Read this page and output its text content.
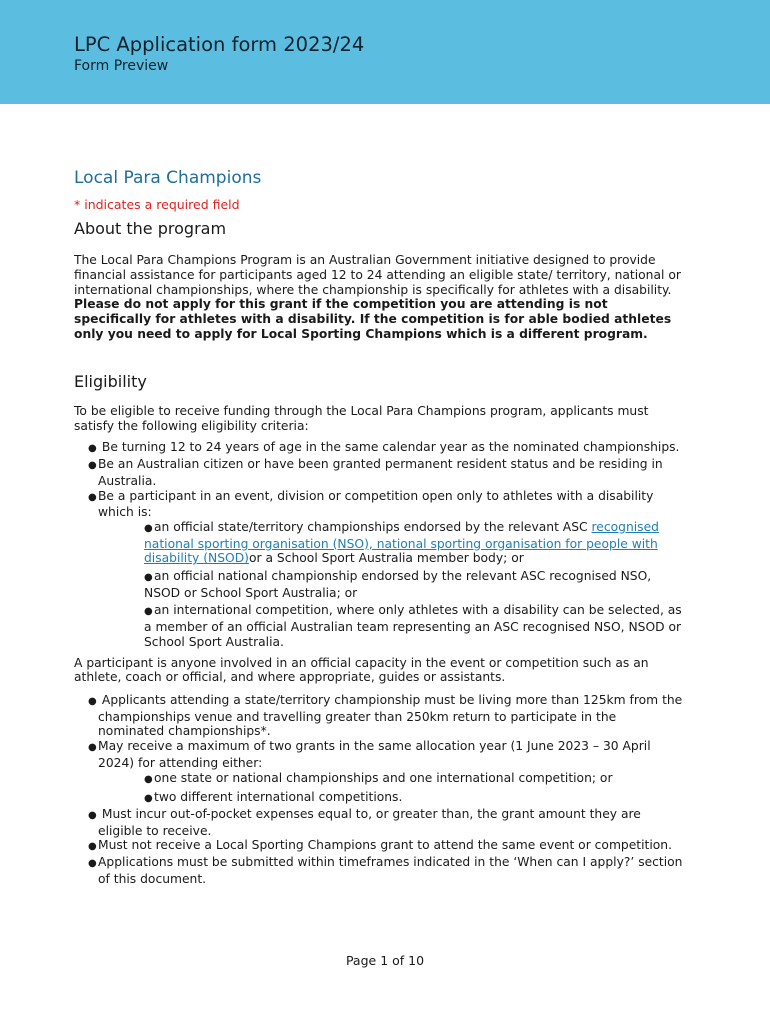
LPC Application form 2023/24
Form Preview
Local Para Champions
* indicates a required field
About the program

The Local Para Champions Program is an Australian Government initiative designed to provide financial assistance for participants aged 12 to 24 attending an eligible state/ territory, national or international championships, where the championship is specifically for athletes with a disability. Please do not apply for this grant if the competition you are attending is not specifically for athletes with a disability. If the competition is for able bodied athletes only you need to apply for Local Sporting Champions which is a different program.

Eligibility

To be eligible to receive funding through the Local Para Champions program, applicants must satisfy the following eligibility criteria:

● Be turning 12 to 24 years of age in the same calendar year as the nominated championships.
●Be an Australian citizen or have been granted permanent resident status and be residing in Australia.
●Be a participant in an event, division or competition open only to athletes with a disability which is:
●an official state/territory championships endorsed by the relevant ASC recognised national sporting organisation (NSO), national sporting organisation for people with disability (NSOD)or a School Sport Australia member body; or
●an official national championship endorsed by the relevant ASC recognised NSO, NSOD or School Sport Australia; or
●an international competition, where only athletes with a disability can be selected, as a member of an official Australian team representing an ASC recognised NSO, NSOD or School Sport Australia.

A participant is anyone involved in an official capacity in the event or competition such as an athlete, coach or official, and where appropriate, guides or assistants.

● Applicants attending a state/territory championship must be living more than 125km from the championships venue and travelling greater than 250km return to participate in the nominated championships*.
●May receive a maximum of two grants in the same allocation year (1 June 2023 – 30 April 2024) for attending either:
●one state or national championships and one international competition; or
●two different international competitions.
● Must incur out-of-pocket expenses equal to, or greater than, the grant amount they are eligible to receive.
●Must not receive a Local Sporting Champions grant to attend the same event or competition.
●Applications must be submitted within timeframes indicated in the ‘When can I apply?’ section of this document.
Page 1 of 10
